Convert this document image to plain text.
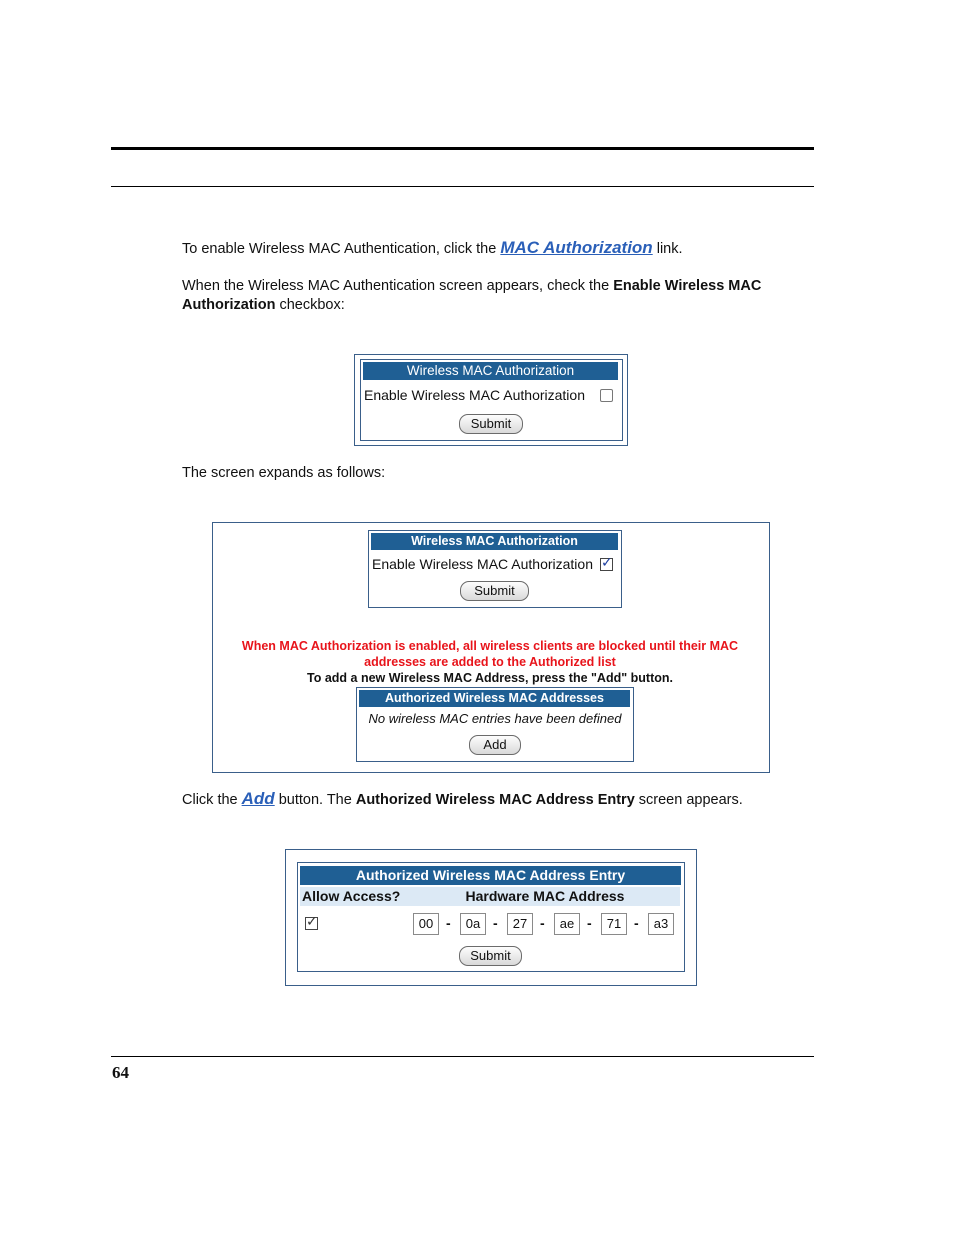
To enable Wireless MAC Authentication, click the MAC Authorization link.
When the Wireless MAC Authentication screen appears, check the Enable Wireless MAC
Authorization checkbox:
Wireless MAC Authorization
Enable Wireless MAC Authorization
Submit
The screen expands as follows:
Wireless MAC Authorization
Enable Wireless MAC Authorization ✓
Submit
When MAC Authorization is enabled, all wireless clients are blocked until their MAC
addresses are added to the Authorized list
To add a new Wireless MAC Address, press the "Add" button.
Authorized Wireless MAC Addresses
No wireless MAC entries have been defined
Add
Click the Add button. The Authorized Wireless MAC Address Entry screen appears.
Authorized Wireless MAC Address Entry
Allow Access?	Hardware MAC Address
✓	00 -	0a -	27 -	ae -	71 -	a3
Submit
64
